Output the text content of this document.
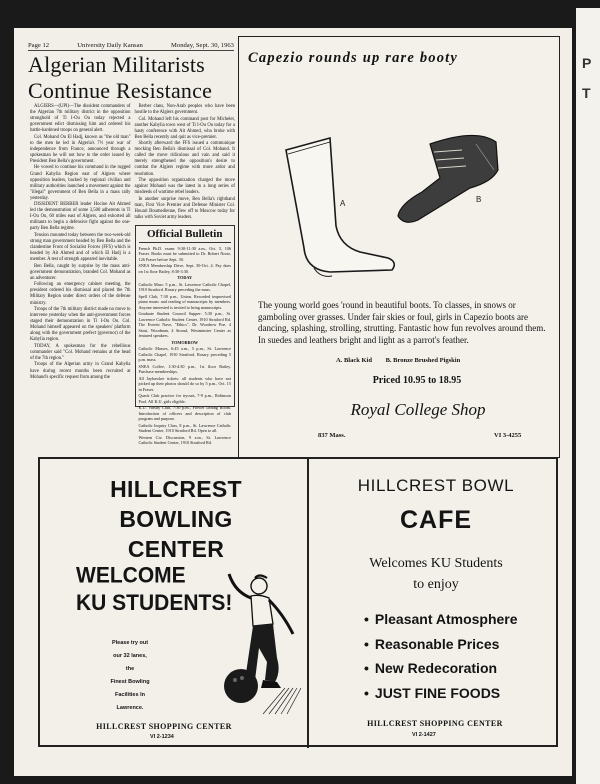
P
T
Page 12	University Daily Kansan	Monday, Sept. 30, 1963
Algerian Militarists Continue Resistance

ALGIERS—(UPI)—The dissident commanders of the Algerian 7th military district in the opposition stronghold of Ti I-Ou Ou today rejected a government edict dismissing him and ordered his battle-hardened troops on general alert.

Col. Mohand Ou El Hadj, known as "the old man" to the men he led in Algeria's 7½ year war of independence from France, announced through a spokesman he will not bow to the order issued by President Ben Bella's government.

He vowed to continue his command in the rugged Grand Kabylia Region east of Algiers where opposition leaders, backed by regional civilian and military authorities launched a movement against the "illegal" government of Ben Bella in a mass rally yesterday.

DISSIDENT BERBER leader Hocine Ait Ahmed led the demonstration of some 3,500 adherents in Ti I-Ou Ou, 60 miles east of Algiers, and exhorted all militants to begin a defensive fight against the one-party Ben Bella regime.

Tension mounted today between the two-week-old strong man government headed by Ben Bella and the clandestine Front of Socialist Forces (FFS) which is headed by Ait Ahmed and of which El Hadj is a member. A test of strength appeared inevitable.

Ben Bella, caught by surprise by the mass anti-government demonstration, branded Col. Mohand as an adventurer.

Following an emergency cabinet meeting, the president ordered his dismissal and placed the 7th Military Region under direct orders of the defense ministry.

Troops of the 7th military district made no move to intervene yesterday when the anti-government forces staged their demonstration in Ti I-Ou Ou. Col. Mohand himself appeared on the speakers' platform along with the government prefect (governor) of the Kabylia region.

TODAY, A spokesman for the rebellious commander said "Col. Mohand remains at the head of the 7th region."

Troops of the Algerian army in Grand Kabylia have during recent months been recruited at Mohand's specific request from among the

Berber clans, Non-Arab peoples who have been hostile to the Algiers government.

Col. Mohand left his command post for Michelet, another Kabylia town west of Ti I-Ou Ou today for a hasty conference with Ait Ahmed, who broke with Ben Bella recently and quit as vice-premier.

Shortly afterward the FFS issued a communique mocking Ben Bella's dismissal of Col. Mohand. It called the move ridiculous and vain and said it merely strengthened the opposition's desire to combat the Algiers regime with more ardor and resolution.

The opposition organization charged the move against Mohand was the latest in a long series of misdeeds of wartime rebel leaders.

In another surprise move, Ben Bella's righthand man, First Vice Premier and Defense Minister Col. Houari Boumedienne, flew off to Moscow today for talks with Soviet army leaders.

Official Bulletin

French Ph.D. exam: 9:30-11:30 a.m., Oct. 5, 106 Fraser. Books must be submitted to Dr. Robert Nortz, 126 Fraser before Sept. 30.

SNEA Membership Drive, Sept. 30-Oct. 4. Pay dues on 1st floor Bailey, 8:30-3:30.

TODAY

Catholic Mass: 5 p.m., St. Lawrence Catholic Chapel, 1910 Stratford. Rosary preceding the mass.

Spell Club, 7:30 p.m., Union. Recorded improvised piano music and reading of manuscripts by members. Anyone interested is invited to bring manuscripts.

Graduate Student Council Supper: 5:30 p.m., St. Lawrence Catholic Student Center, 1910 Stratford Rd. The Everett Nave, "Ethics", Dr. Woodrow Poe, 4 Stout, Woodman, 4 Stroud, Westminster Center as featured speakers.

TOMORROW

Catholic Masses, 6:45 a.m., 5 p.m., St. Lawrence Catholic Chapel, 1910 Stratford. Rosary preceding 5 p.m. mass.

SNEA Coffee, 1:30-4:30 p.m., 1st floor Bailey. Purchase memberships.

All Jayhawker tickets: all students who have not picked up their photos should do so by 5 p.m., Oct. 15 in Fraser.

Quack Club practice for tryouts, 7-9 p.m., Robinson Pool. All K.U. girls eligible.

K.U. Varsity Club, 7:30 p.m., Flower Dining Room. Introduction of officers and description of club program and purpose.

Catholic Inquiry Class, 8 p.m., St. Lawrence Catholic Student Center, 1910 Stratford Rd. Open to all.

Western Civ. Discussion, 9 a.m., St. Lawrence Catholic Student Center, 1910 Stratford Rd.

Capezio rounds up rare booty
A	B
The young world goes 'round in beautiful boots. To classes, in snows or gamboling over grasses. Under fair skies or foul, girls in Capezio boots are dancing, splashing, strolling, strutting. Fantastic how fun revolves around them. In suedes and leathers bright and light as a parrot's feather.
A. Black Kid B. Bronze Brushed Pigskin
Priced 10.95 to 18.95
Royal College Shop
837 Mass.	VI 3-4255
HILLCREST
BOWLING CENTER
WELCOME
KU STUDENTS!
Please try out
our 32 lanes,
the
Finest Bowling
Facilities In
Lawrence.
HILLCREST SHOPPING CENTER
VI 2-1234
HILLCREST BOWL
CAFE
Welcomes KU Students
to enjoy
• Pleasant Atmosphere
• Reasonable Prices
• New Redecoration
• JUST FINE FOODS
HILLCREST SHOPPING CENTER
VI 2-1427
